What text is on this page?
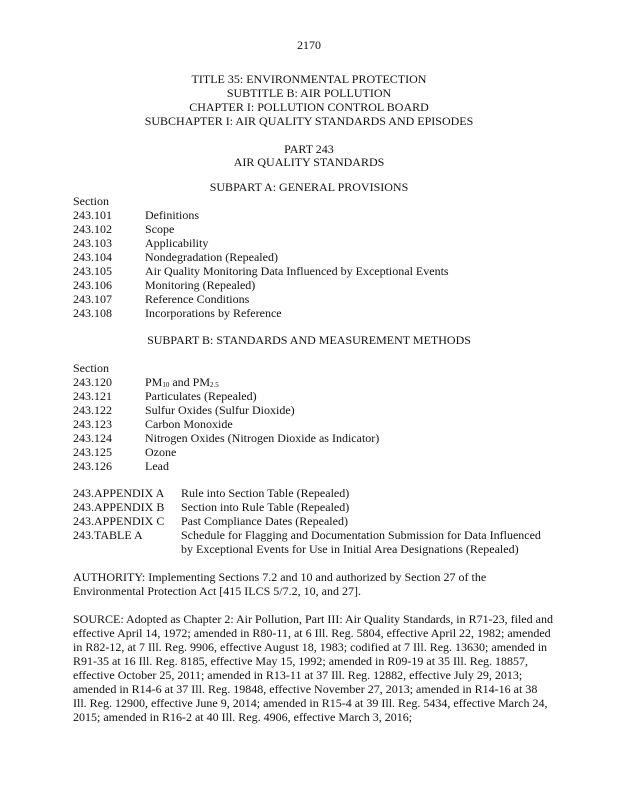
2170
TITLE 35: ENVIRONMENTAL PROTECTION
SUBTITLE B: AIR POLLUTION
CHAPTER I: POLLUTION CONTROL BOARD
SUBCHAPTER I: AIR QUALITY STANDARDS AND EPISODES
PART 243
AIR QUALITY STANDARDS
SUBPART A: GENERAL PROVISIONS
Section
243.101	Definitions
243.102	Scope
243.103	Applicability
243.104	Nondegradation (Repealed)
243.105	Air Quality Monitoring Data Influenced by Exceptional Events
243.106	Monitoring (Repealed)
243.107	Reference Conditions
243.108	Incorporations by Reference
SUBPART B: STANDARDS AND MEASUREMENT METHODS
Section
243.120	$PM_{10}$ and $PM_{2.5}$
243.121	Particulates (Repealed)
243.122	Sulfur Oxides (Sulfur Dioxide)
243.123	Carbon Monoxide
243.124	Nitrogen Oxides (Nitrogen Dioxide as Indicator)
243.125	Ozone
243.126	Lead
243.APPENDIX A Rule into Section Table (Repealed)
243.APPENDIX B Section into Rule Table (Repealed)
243.APPENDIX C Past Compliance Dates (Repealed)
243.TABLE A	Schedule for Flagging and Documentation Submission for Data Influenced by Exceptional Events for Use in Initial Area Designations (Repealed)
AUTHORITY: Implementing Sections 7.2 and 10 and authorized by Section 27 of the Environmental Protection Act [415 ILCS 5/7.2, 10, and 27].
SOURCE: Adopted as Chapter 2: Air Pollution, Part III: Air Quality Standards, in R71-23, filed and effective April 14, 1972; amended in R80-11, at 6 Ill. Reg. 5804, effective April 22, 1982; amended in R82-12, at 7 Ill. Reg. 9906, effective August 18, 1983; codified at 7 Ill. Reg. 13630; amended in R91-35 at 16 Ill. Reg. 8185, effective May 15, 1992; amended in R09-19 at 35 Ill. Reg. 18857, effective October 25, 2011; amended in R13-11 at 37 Ill. Reg. 12882, effective July 29, 2013; amended in R14-6 at 37 Ill. Reg. 19848, effective November 27, 2013; amended in R14-16 at 38 Ill. Reg. 12900, effective June 9, 2014; amended in R15-4 at 39 Ill. Reg. 5434, effective March 24, 2015; amended in R16-2 at 40 Ill. Reg. 4906, effective March 3, 2016;
